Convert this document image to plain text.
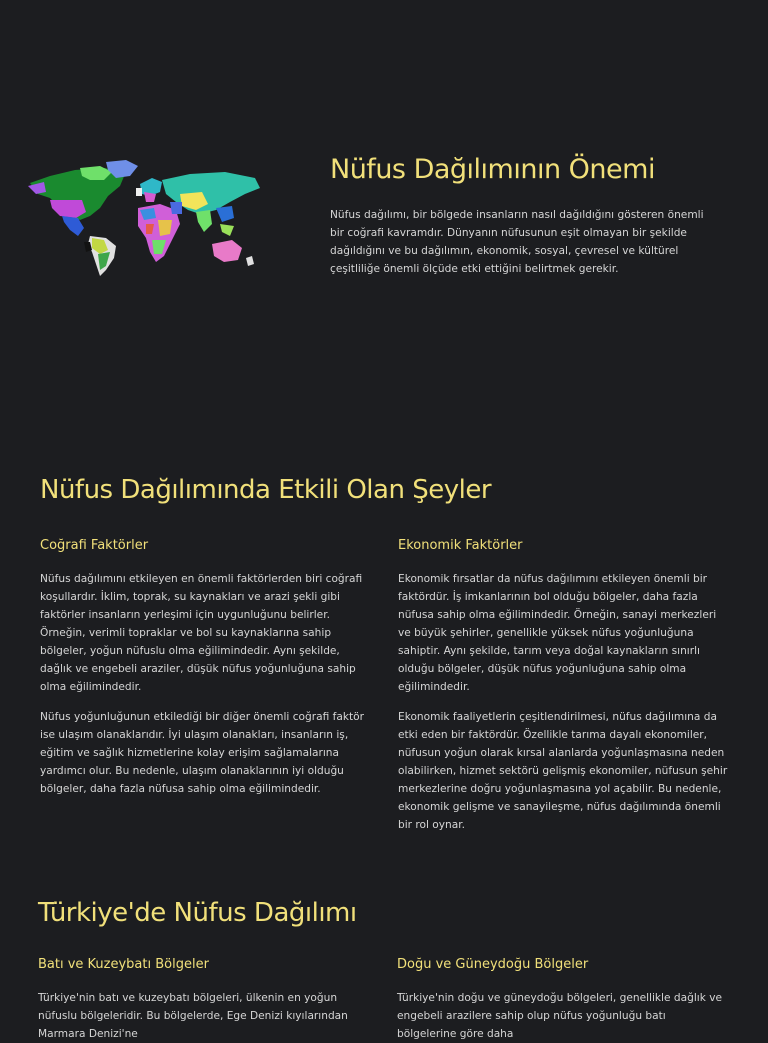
Nüfus Dağılımının Önemi

Nüfus dağılımı, bir bölgede insanların nasıl dağıldığını gösteren önemli bir coğrafi kavramdır. Dünyanın nüfusunun eşit olmayan bir şekilde dağıldığını ve bu dağılımın, ekonomik, sosyal, çevresel ve kültürel çeşitliliğe önemli ölçüde etki ettiğini belirtmek gerekir.

Nüfus Dağılımında Etkili Olan Şeyler
Coğrafi Faktörler

Nüfus dağılımını etkileyen en önemli faktörlerden biri coğrafi koşullardır. İklim, toprak, su kaynakları ve arazi şekli gibi faktörler insanların yerleşimi için uygunluğunu belirler. Örneğin, verimli topraklar ve bol su kaynaklarına sahip bölgeler, yoğun nüfuslu olma eğilimindedir. Aynı şekilde, dağlık ve engebeli araziler, düşük nüfus yoğunluğuna sahip olma eğilimindedir.

Nüfus yoğunluğunun etkilediği bir diğer önemli coğrafi faktör ise ulaşım olanaklarıdır. İyi ulaşım olanakları, insanların iş, eğitim ve sağlık hizmetlerine kolay erişim sağlamalarına yardımcı olur. Bu nedenle, ulaşım olanaklarının iyi olduğu bölgeler, daha fazla nüfusa sahip olma eğilimindedir.

Ekonomik Faktörler

Ekonomik fırsatlar da nüfus dağılımını etkileyen önemli bir faktördür. İş imkanlarının bol olduğu bölgeler, daha fazla nüfusa sahip olma eğilimindedir. Örneğin, sanayi merkezleri ve büyük şehirler, genellikle yüksek nüfus yoğunluğuna sahiptir. Aynı şekilde, tarım veya doğal kaynakların sınırlı olduğu bölgeler, düşük nüfus yoğunluğuna sahip olma eğilimindedir.

Ekonomik faaliyetlerin çeşitlendirilmesi, nüfus dağılımına da etki eden bir faktördür. Özellikle tarıma dayalı ekonomiler, nüfusun yoğun olarak kırsal alanlarda yoğunlaşmasına neden olabilirken, hizmet sektörü gelişmiş ekonomiler, nüfusun şehir merkezlerine doğru yoğunlaşmasına yol açabilir. Bu nedenle, ekonomik gelişme ve sanayileşme, nüfus dağılımında önemli bir rol oynar.

Türkiye'de Nüfus Dağılımı
Batı ve Kuzeybatı Bölgeler

Türkiye'nin batı ve kuzeybatı bölgeleri, ülkenin en yoğun nüfuslu bölgeleridir. Bu bölgelerde, Ege Denizi kıyılarından Marmara Denizi'ne

Doğu ve Güneydoğu Bölgeler

Türkiye'nin doğu ve güneydoğu bölgeleri, genellikle dağlık ve engebeli arazilere sahip olup nüfus yoğunluğu batı bölgelerine göre daha
